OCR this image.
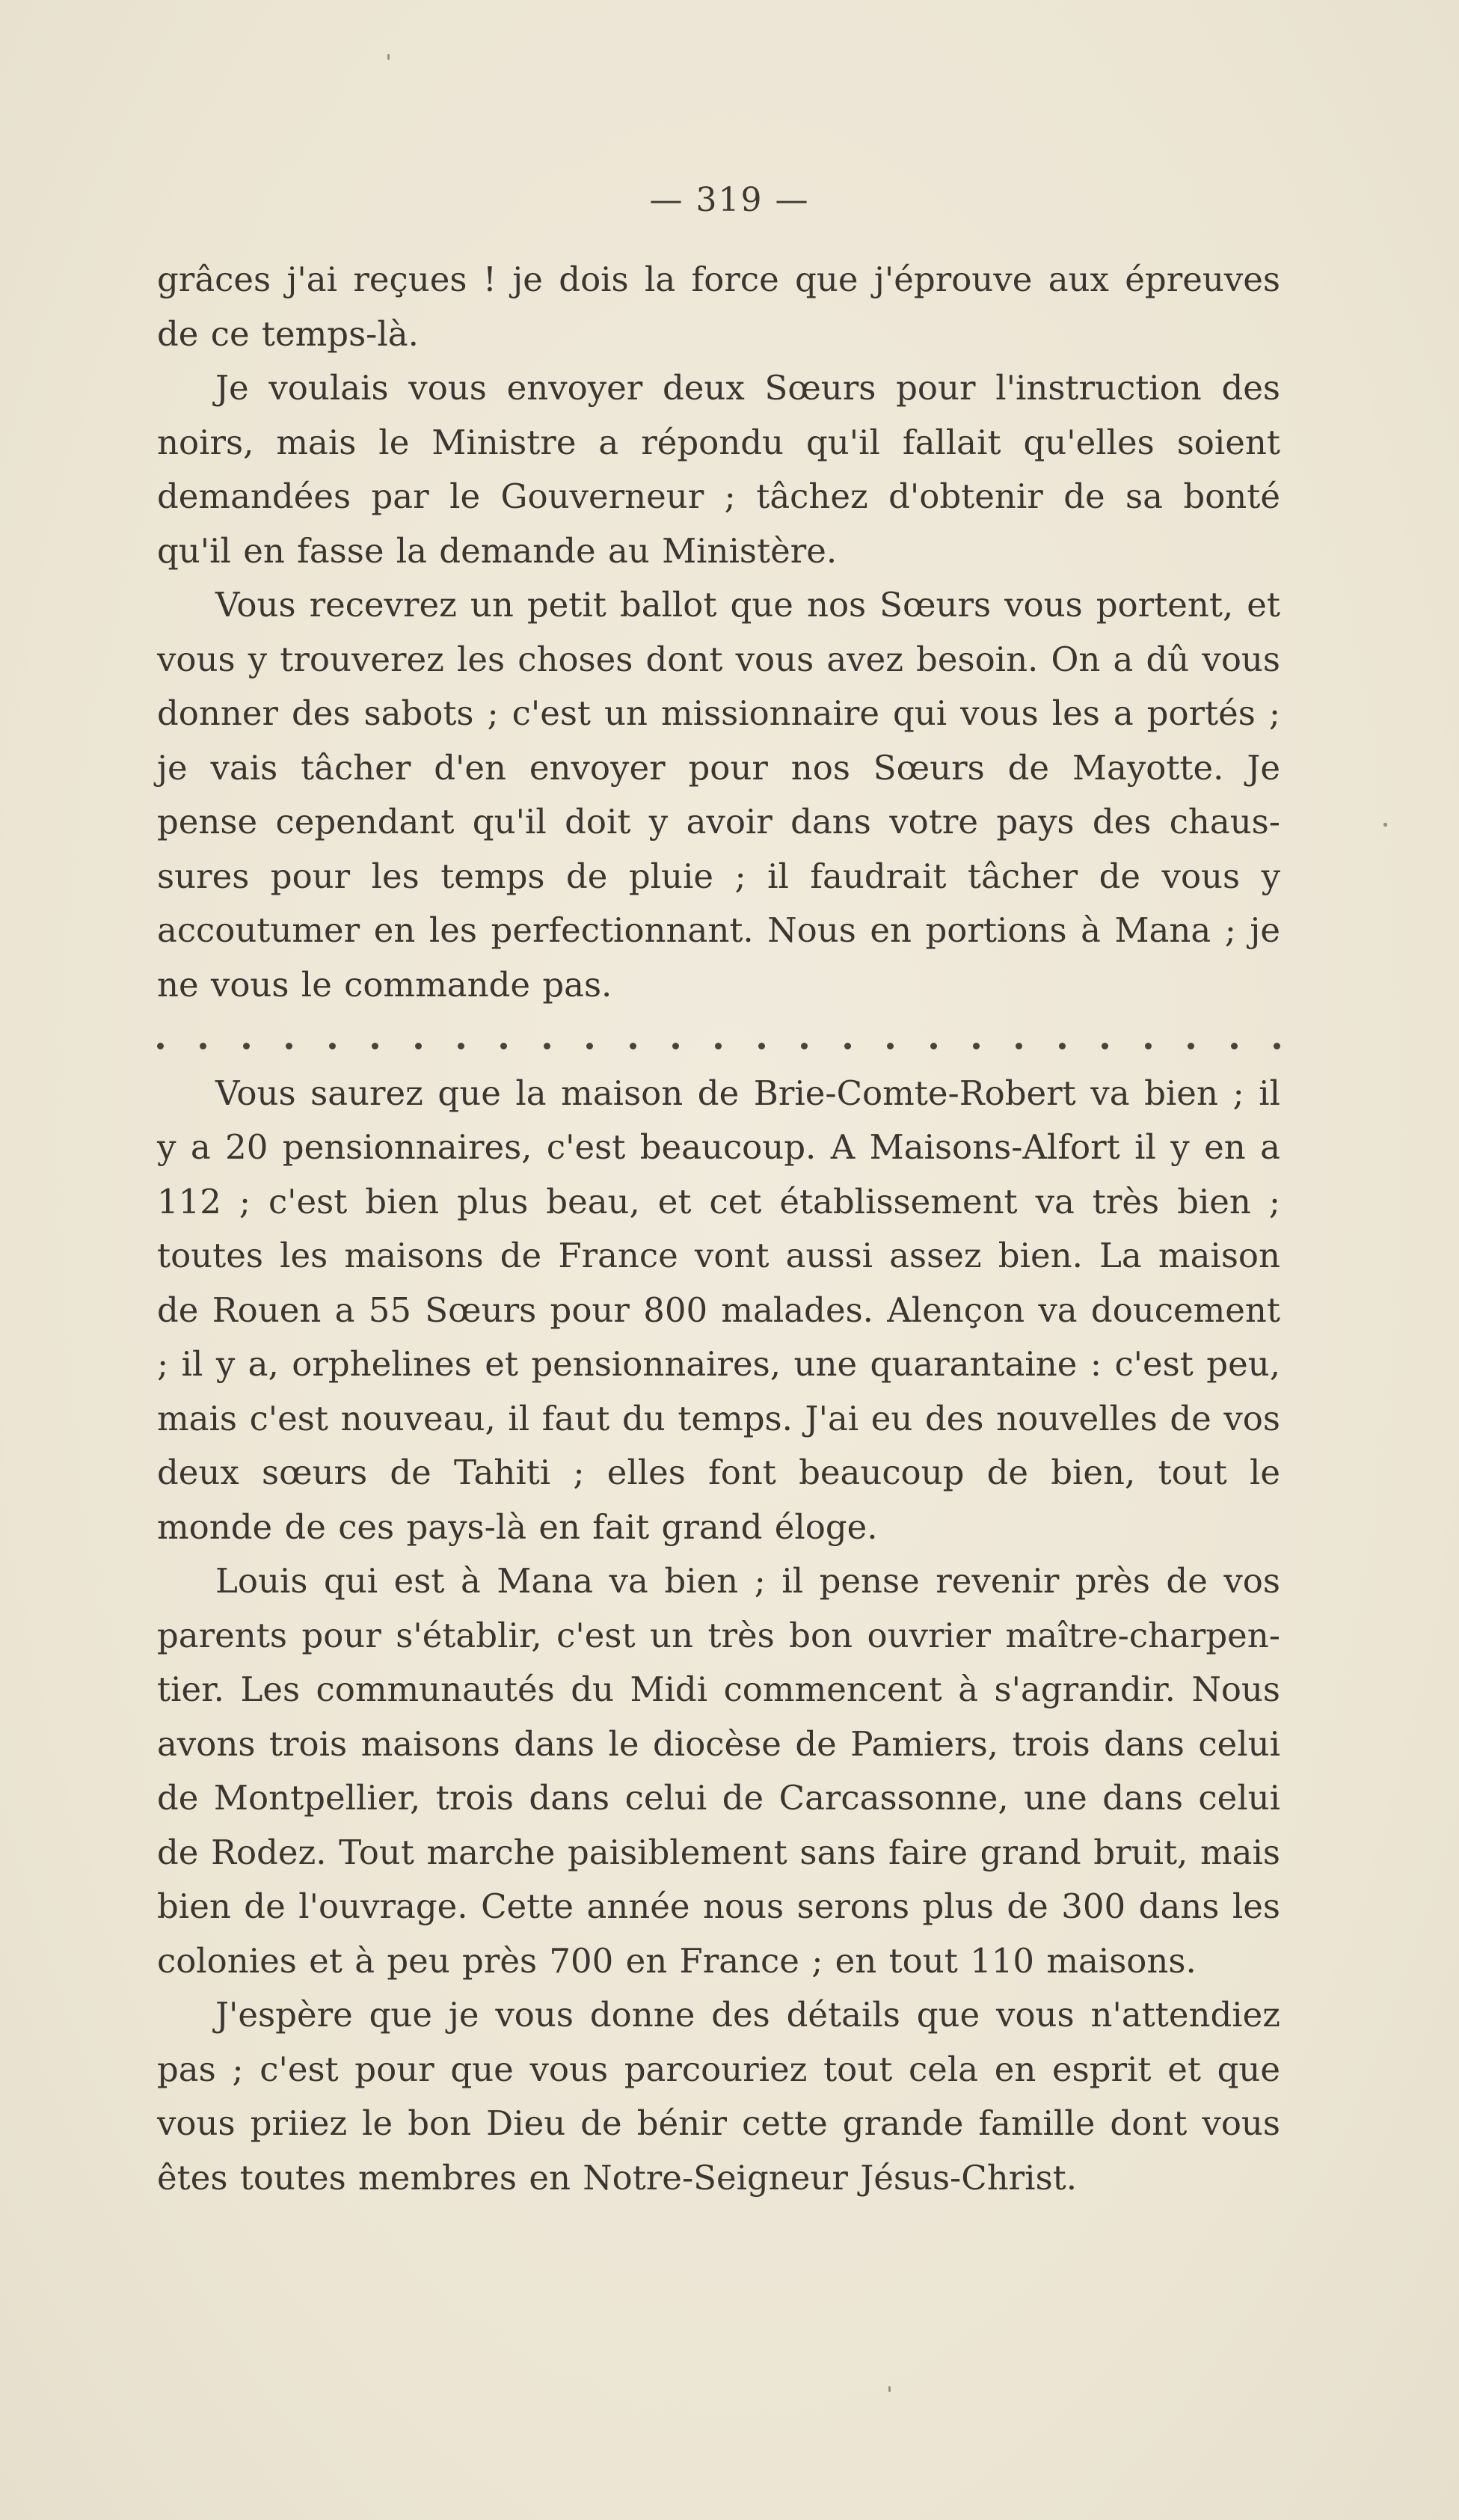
— 319 —

grâces j'ai reçues ! je dois la force que j'éprouve aux épreuves de ce temps-là.

Je voulais vous envoyer deux Sœurs pour l'instruction des noirs, mais le Ministre a répondu qu'il fallait qu'elles soient demandées par le Gouverneur ; tâchez d'obtenir de sa bonté qu'il en fasse la demande au Ministère.

Vous recevrez un petit ballot que nos Sœurs vous portent, et vous y trouverez les choses dont vous avez besoin. On a dû vous donner des sabots ; c'est un missionnaire qui vous les a portés ; je vais tâcher d'en envoyer pour nos Sœurs de Mayotte. Je pense cependant qu'il doit y avoir dans votre pays des chaus-sures pour les temps de pluie ; il faudrait tâcher de vous y accoutumer en les perfectionnant. Nous en portions à Mana ; je ne vous le commande pas.

Vous saurez que la maison de Brie-Comte-Robert va bien ; il y a 20 pensionnaires, c'est beaucoup. A Maisons-Alfort il y en a 112 ; c'est bien plus beau, et cet établissement va très bien ; toutes les maisons de France vont aussi assez bien. La maison de Rouen a 55 Sœurs pour 800 malades. Alençon va doucement ; il y a, orphelines et pensionnaires, une quarantaine : c'est peu, mais c'est nouveau, il faut du temps. J'ai eu des nouvelles de vos deux sœurs de Tahiti ; elles font beaucoup de bien, tout le monde de ces pays-là en fait grand éloge.

Louis qui est à Mana va bien ; il pense revenir près de vos parents pour s'établir, c'est un très bon ouvrier maître-charpen-tier. Les communautés du Midi commencent à s'agrandir. Nous avons trois maisons dans le diocèse de Pamiers, trois dans celui de Montpellier, trois dans celui de Carcassonne, une dans celui de Rodez. Tout marche paisiblement sans faire grand bruit, mais bien de l'ouvrage. Cette année nous serons plus de 300 dans les colonies et à peu près 700 en France ; en tout 110 maisons.

J'espère que je vous donne des détails que vous n'attendiez pas ; c'est pour que vous parcouriez tout cela en esprit et que vous priiez le bon Dieu de bénir cette grande famille dont vous êtes toutes membres en Notre-Seigneur Jésus-Christ.
